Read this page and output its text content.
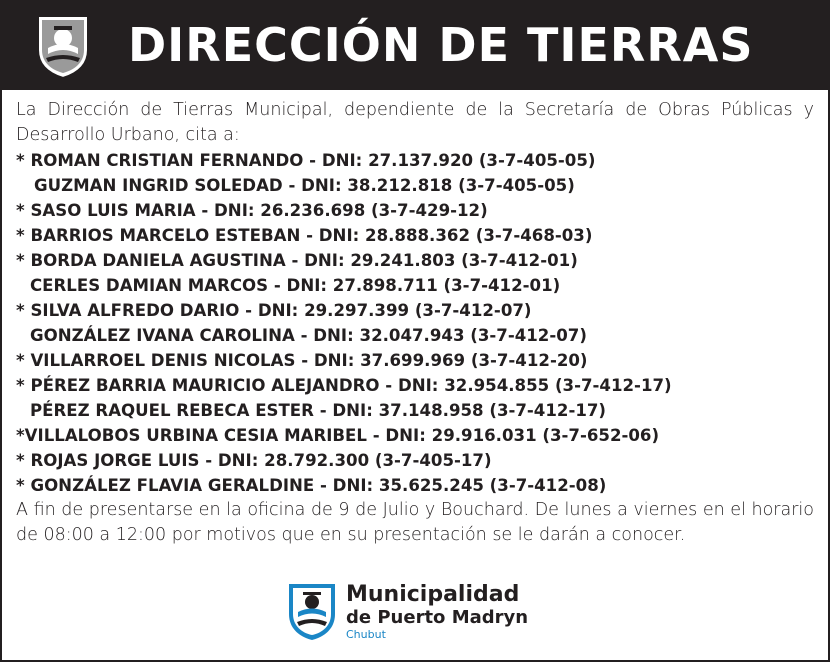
DIRECCIÓN DE TIERRAS
La Dirección de Tierras Municipal, dependiente de la Secretaría de Obras Públicas y Desarrollo Urbano, cita a:
* ROMAN CRISTIAN FERNANDO - DNI: 27.137.920 (3-7-405-05)
GUZMAN INGRID SOLEDAD - DNI: 38.212.818 (3-7-405-05)
* SASO LUIS MARIA - DNI: 26.236.698 (3-7-429-12)
* BARRIOS MARCELO ESTEBAN - DNI: 28.888.362 (3-7-468-03)
* BORDA DANIELA AGUSTINA - DNI: 29.241.803 (3-7-412-01)
CERLES DAMIAN MARCOS - DNI: 27.898.711 (3-7-412-01)
* SILVA ALFREDO DARIO - DNI: 29.297.399 (3-7-412-07)
GONZÁLEZ IVANA CAROLINA - DNI: 32.047.943 (3-7-412-07)
* VILLARROEL DENIS NICOLAS - DNI: 37.699.969 (3-7-412-20)
* PÉREZ BARRIA MAURICIO ALEJANDRO - DNI: 32.954.855 (3-7-412-17)
PÉREZ RAQUEL REBECA ESTER - DNI: 37.148.958 (3-7-412-17)
*VILLALOBOS URBINA CESIA MARIBEL - DNI: 29.916.031 (3-7-652-06)
* ROJAS JORGE LUIS - DNI: 28.792.300 (3-7-405-17)
* GONZÁLEZ FLAVIA GERALDINE - DNI: 35.625.245 (3-7-412-08)
A fin de presentarse en la oficina de 9 de Julio y Bouchard. De lunes a viernes en el horario de 08:00 a 12:00 por motivos que en su presentación se le darán a conocer.
Municipalidad
de Puerto Madryn
Chubut
